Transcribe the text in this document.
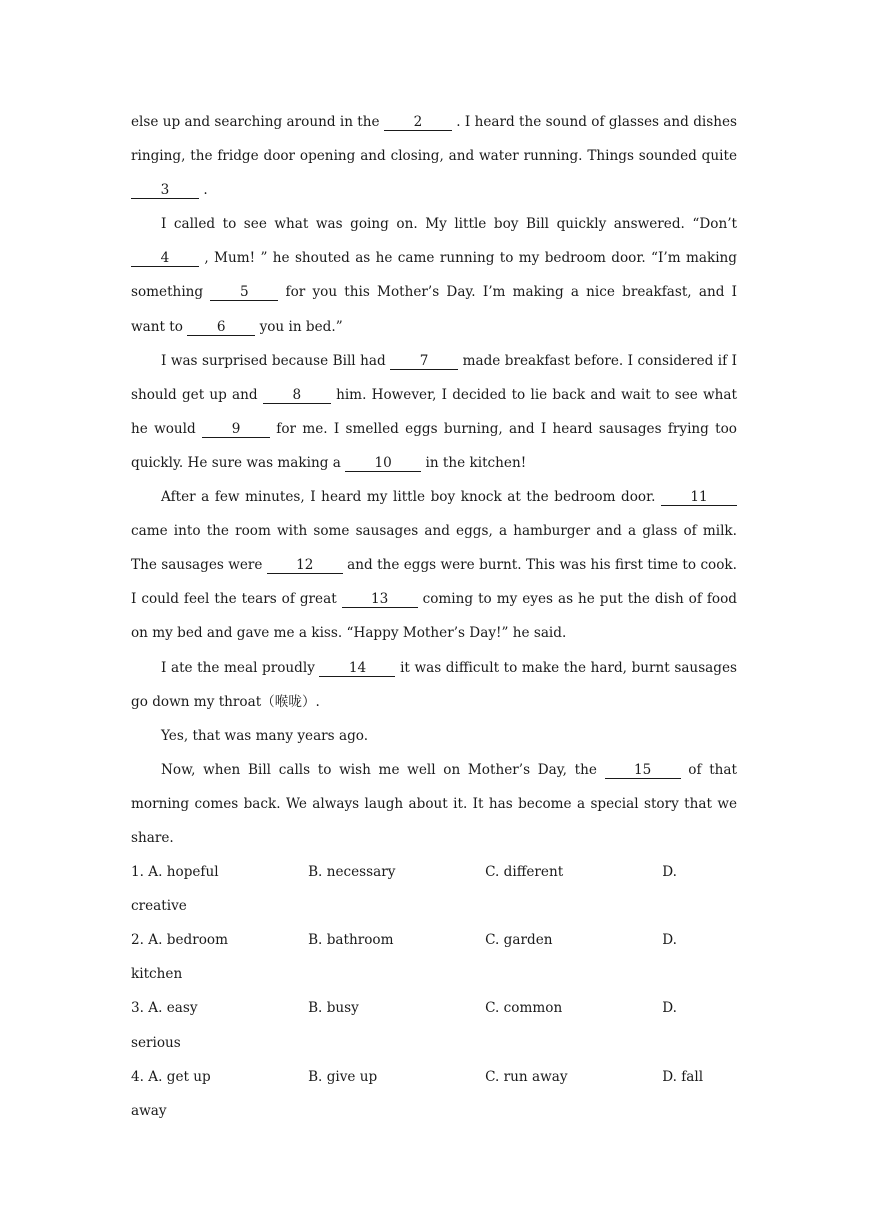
else up and searching around in the 2 . I heard the sound of glasses and dishes ringing, the fridge door opening and closing, and water running. Things sounded quite 3 .

I called to see what was going on. My little boy Bill quickly answered. “Don’t 4 , Mum! ” he shouted as he came running to my bedroom door. “I’m making something 5 for you this Mother’s Day. I’m making a nice breakfast, and I want to 6 you in bed.”

I was surprised because Bill had 7 made breakfast before. I considered if I should get up and 8 him. However, I decided to lie back and wait to see what he would 9 for me. I smelled eggs burning, and I heard sausages frying too quickly. He sure was making a 10 in the kitchen!

After a few minutes, I heard my little boy knock at the bedroom door. 11 came into the room with some sausages and eggs, a hamburger and a glass of milk. The sausages were 12 and the eggs were burnt. This was his first time to cook. I could feel the tears of great 13 coming to my eyes as he put the dish of food on my bed and gave me a kiss. “Happy Mother’s Day!” he said.

I ate the meal proudly 14 it was difficult to make the hard, burnt sausages go down my throat（喉咙）.

Yes, that was many years ago.

Now, when Bill calls to wish me well on Mother’s Day, the 15 of that morning comes back. We always laugh about it. It has become a special story that we share.

1. A. hopeful	B. necessary	C. different	D.
creative
2. A. bedroom	B. bathroom	C. garden	D.
kitchen
3. A. easy	B. busy	C. common	D.
serious
4. A. get up	B. give up	C. run away	D. fall
away
